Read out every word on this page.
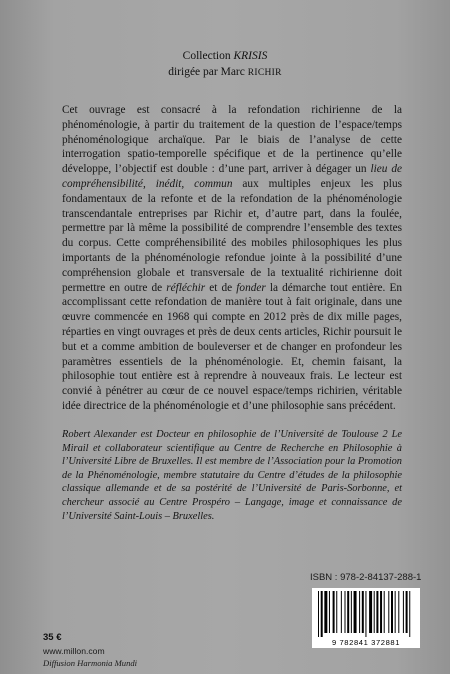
Collection KRISIS
dirigée par Marc RICHIR

Cet ouvrage est consacré à la refondation richirienne de la phénoménologie, à partir du traitement de la question de l’espace/temps phénoménologique archaïque. Par le biais de l’analyse de cette interrogation spatio-temporelle spécifique et de la pertinence qu’elle développe, l’objectif est double : d’une part, arriver à dégager un lieu de compréhensibilité, inédit, commun aux multiples enjeux les plus fondamentaux de la refonte et de la refondation de la phénoménologie transcendantale entreprises par Richir et, d’autre part, dans la foulée, permettre par là même la possibilité de comprendre l’ensemble des textes du corpus. Cette compréhensibilité des mobiles philosophiques les plus importants de la phénoménologie refondue jointe à la possibilité d’une compréhension globale et transversale de la textualité richirienne doit permettre en outre de réfléchir et de fonder la démarche tout entière. En accomplissant cette refondation de manière tout à fait originale, dans une œuvre commencée en 1968 qui compte en 2012 près de dix mille pages, réparties en vingt ouvrages et près de deux cents articles, Richir poursuit le but et a comme ambition de bouleverser et de changer en profondeur les paramètres essentiels de la phénoménologie. Et, chemin faisant, la philosophie tout entière est à reprendre à nouveaux frais. Le lecteur est convié à pénétrer au cœur de ce nouvel espace/temps richirien, véritable idée directrice de la phénoménologie et d’une philosophie sans précédent.

Robert Alexander est Docteur en philosophie de l’Université de Toulouse 2 Le Mirail et collaborateur scientifique au Centre de Recherche en Philosophie à l’Université Libre de Bruxelles. Il est membre de l’Association pour la Promotion de la Phénoménologie, membre statutaire du Centre d’études de la philosophie classique allemande et de sa postérité de l’Université de Paris-Sorbonne, et chercheur associé au Centre Prospéro – Langage, image et connaissance de l’Université Saint-Louis – Bruxelles.

ISBN : 978-2-84137-288-1
9 782841 372881
35 €
www.millon.com
Diffusion Harmonia Mundi
